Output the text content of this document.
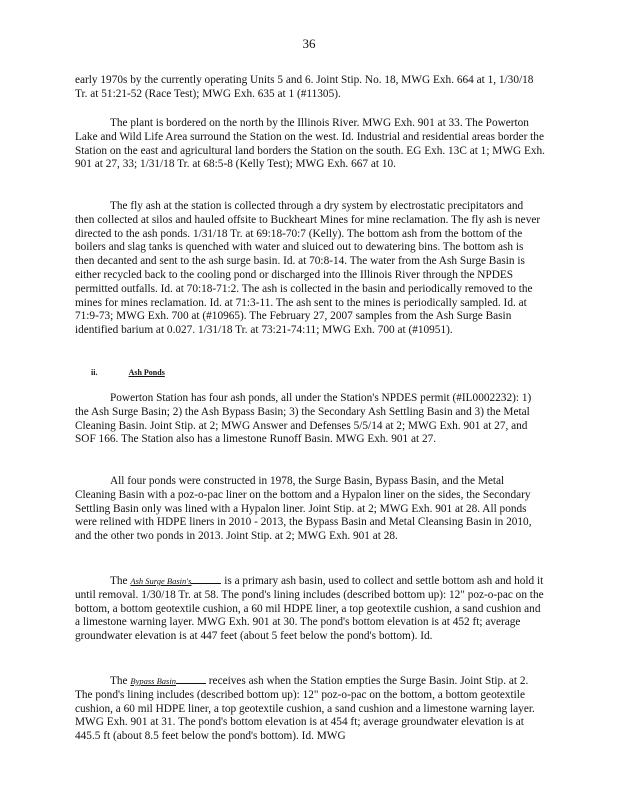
36
early 1970s by the currently operating Units 5 and 6. Joint Stip. No. 18, MWG Exh. 664 at 1, 1/30/18 Tr. at 51:21-52 (Race Test); MWG Exh. 635 at 1 (#11305).
The plant is bordered on the north by the Illinois River. MWG Exh. 901 at 33. The Powerton Lake and Wild Life Area surround the Station on the west. Id. Industrial and residential areas border the Station on the east and agricultural land borders the Station on the south. EG Exh. 13C at 1; MWG Exh. 901 at 27, 33; 1/31/18 Tr. at 68:5-8 (Kelly Test); MWG Exh. 667 at 10.
The fly ash at the station is collected through a dry system by electrostatic precipitators and then collected at silos and hauled offsite to Buckheart Mines for mine reclamation. The fly ash is never directed to the ash ponds. 1/31/18 Tr. at 69:18-70:7 (Kelly). The bottom ash from the bottom of the boilers and slag tanks is quenched with water and sluiced out to dewatering bins. The bottom ash is then decanted and sent to the ash surge basin. Id. at 70:8-14. The water from the Ash Surge Basin is either recycled back to the cooling pond or discharged into the Illinois River through the NPDES permitted outfalls. Id. at 70:18-71:2. The ash is collected in the basin and periodically removed to the mines for mines reclamation. Id. at 71:3-11. The ash sent to the mines is periodically sampled. Id. at 71:9-73; MWG Exh. 700 at (#10965). The February 27, 2007 samples from the Ash Surge Basin identified barium at 0.027. 1/31/18 Tr. at 73:21-74:11; MWG Exh. 700 at (#10951).
ii.	Ash Ponds
Powerton Station has four ash ponds, all under the Station's NPDES permit (#IL0002232): 1) the Ash Surge Basin; 2) the Ash Bypass Basin; 3) the Secondary Ash Settling Basin and 3) the Metal Cleaning Basin. Joint Stip. at 2; MWG Answer and Defenses 5/5/14 at 2; MWG Exh. 901 at 27, and SOF 166. The Station also has a limestone Runoff Basin. MWG Exh. 901 at 27.
All four ponds were constructed in 1978, the Surge Basin, Bypass Basin, and the Metal Cleaning Basin with a poz-o-pac liner on the bottom and a Hypalon liner on the sides, the Secondary Settling Basin only was lined with a Hypalon liner. Joint Stip. at 2; MWG Exh. 901 at 28. All ponds were relined with HDPE liners in 2010 - 2013, the Bypass Basin and Metal Cleansing Basin in 2010, and the other two ponds in 2013. Joint Stip. at 2; MWG Exh. 901 at 28.
The Ash Surge Basin's	is a primary ash basin, used to collect and settle bottom ash and hold it until removal. 1/30/18 Tr. at 58. The pond's lining includes (described bottom up): 12" poz-o-pac on the bottom, a bottom geotextile cushion, a 60 mil HDPE liner, a top geotextile cushion, a sand cushion and a limestone warning layer. MWG Exh. 901 at 30. The pond's bottom elevation is at 452 ft; average groundwater elevation is at 447 feet (about 5 feet below the pond's bottom). Id.
The Bypass Basin	receives ash when the Station empties the Surge Basin. Joint Stip. at 2. The pond's lining includes (described bottom up): 12" poz-o-pac on the bottom, a bottom geotextile cushion, a 60 mil HDPE liner, a top geotextile cushion, a sand cushion and a limestone warning layer. MWG Exh. 901 at 31. The pond's bottom elevation is at 454 ft; average groundwater elevation is at 445.5 ft (about 8.5 feet below the pond's bottom). Id. MWG
